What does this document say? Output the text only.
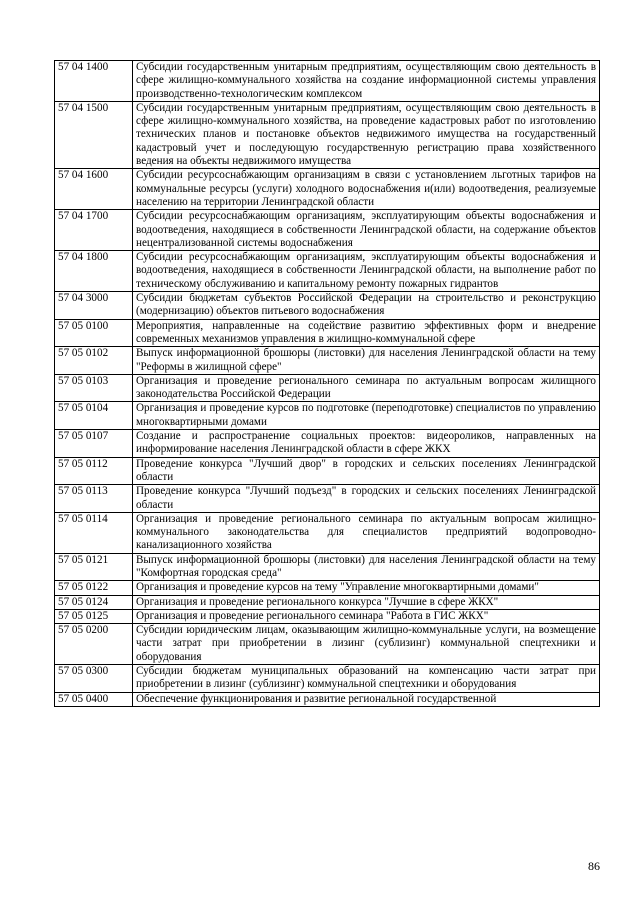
57 04 1400	Субсидии государственным унитарным предприятиям, осуществляющим свою деятельность в сфере жилищно-коммунального хозяйства на создание информационной системы управления производственно-технологическим комплексом
57 04 1500	Субсидии государственным унитарным предприятиям, осуществляющим свою деятельность в сфере жилищно-коммунального хозяйства, на проведение кадастровых работ по изготовлению технических планов и постановке объектов недвижимого имущества на государственный кадастровый учет и последующую государственную регистрацию права хозяйственного ведения на объекты недвижимого имущества
57 04 1600	Субсидии ресурсоснабжающим организациям в связи с установлением льготных тарифов на коммунальные ресурсы (услуги) холодного водоснабжения и(или) водоотведения, реализуемые населению на территории Ленинградской области
57 04 1700	Субсидии ресурсоснабжающим организациям, эксплуатирующим объекты водоснабжения и водоотведения, находящиеся в собственности Ленинградской области, на содержание объектов нецентрализованной системы водоснабжения
57 04 1800	Субсидии ресурсоснабжающим организациям, эксплуатирующим объекты водоснабжения и водоотведения, находящиеся в собственности Ленинградской области, на выполнение работ по техническому обслуживанию и капитальному ремонту пожарных гидрантов
57 04 3000	Субсидии бюджетам субъектов Российской Федерации на строительство и реконструкцию (модернизацию) объектов питьевого водоснабжения
57 05 0100	Мероприятия, направленные на содействие развитию эффективных форм и внедрение современных механизмов управления в жилищно-коммунальной сфере
57 05 0102	Выпуск информационной брошюры (листовки) для населения Ленинградской области на тему "Реформы в жилищной сфере"
57 05 0103	Организация и проведение регионального семинара по актуальным вопросам жилищного законодательства Российской Федерации
57 05 0104	Организация и проведение курсов по подготовке (переподготовке) специалистов по управлению многоквартирными домами
57 05 0107	Создание и распространение социальных проектов: видеороликов, направленных на информирование населения Ленинградской области в сфере ЖКХ
57 05 0112	Проведение конкурса "Лучший двор" в городских и сельских поселениях Ленинградской области
57 05 0113	Проведение конкурса "Лучший подъезд" в городских и сельских поселениях Ленинградской области
57 05 0114	Организация и проведение регионального семинара по актуальным вопросам жилищно-коммунального законодательства для специалистов предприятий водопроводно-канализационного хозяйства
57 05 0121	Выпуск информационной брошюры (листовки) для населения Ленинградской области на тему "Комфортная городская среда"
57 05 0122	Организация и проведение курсов на тему "Управление многоквартирными домами"
57 05 0124	Организация и проведение регионального конкурса "Лучшие в сфере ЖКХ"
57 05 0125	Организация и проведение регионального семинара "Работа в ГИС ЖКХ"
57 05 0200	Субсидии юридическим лицам, оказывающим жилищно-коммунальные услуги, на возмещение части затрат при приобретении в лизинг (сублизинг) коммунальной спецтехники и оборудования
57 05 0300	Субсидии бюджетам муниципальных образований на компенсацию части затрат при приобретении в лизинг (сублизинг) коммунальной спецтехники и оборудования
57 05 0400	Обеспечение функционирования и развитие региональной государственной
86
